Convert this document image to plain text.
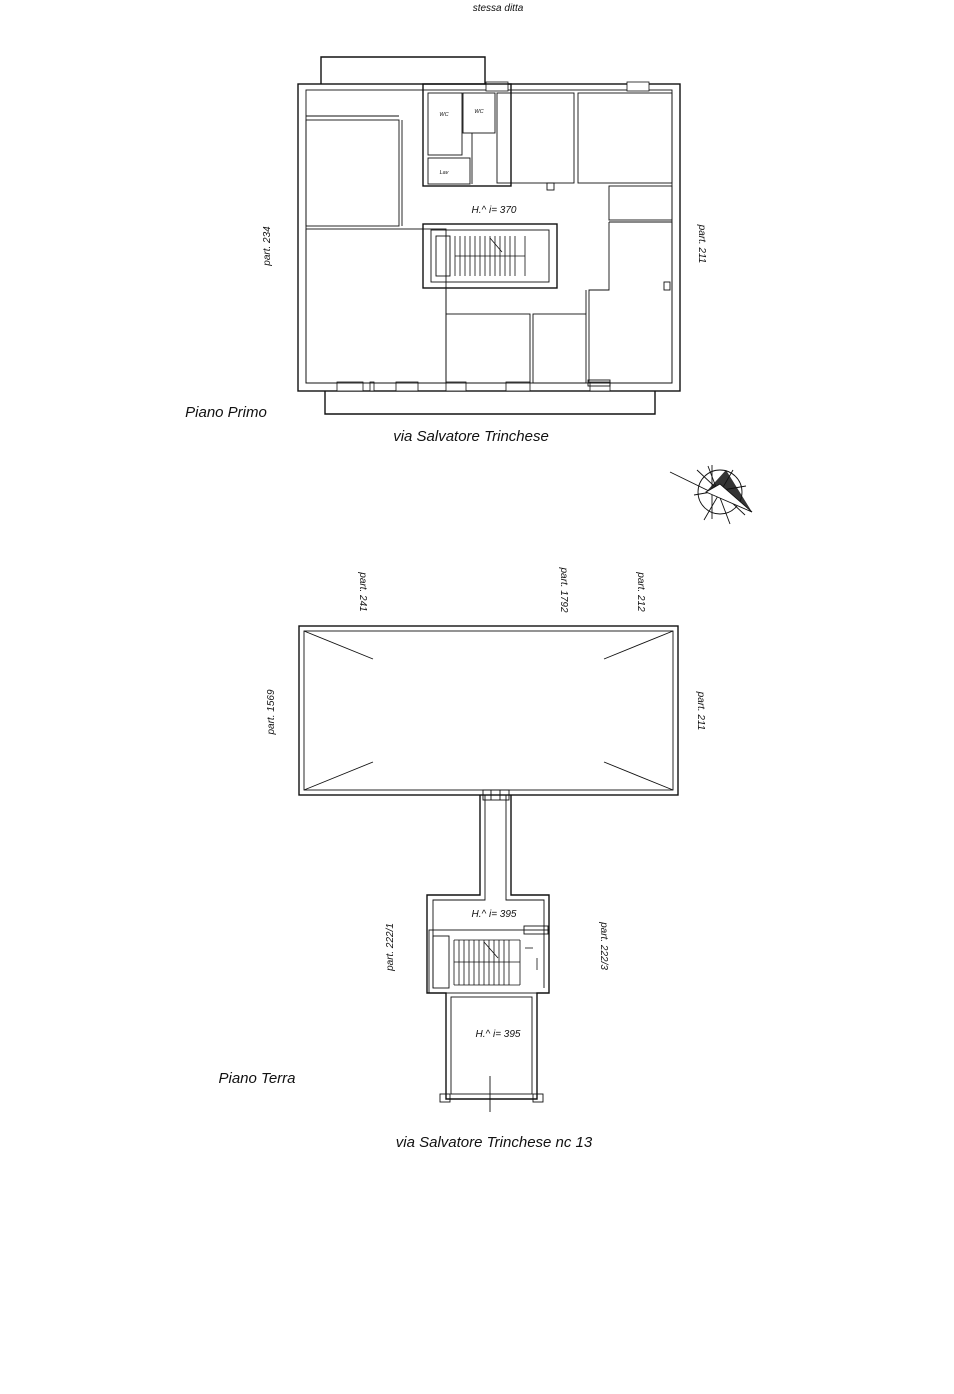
stessa ditta
WC	WC
Lav
H.^ i= 370
part. 234	part. 211
Piano Primo
via Salvatore Trinchese
H.^ i= 395
H.^ i= 395
part. 241	part. 1792	part. 212
part. 1569	part. 211
part. 222/1	part. 222/3
Piano Terra
via Salvatore Trinchese nc 13
